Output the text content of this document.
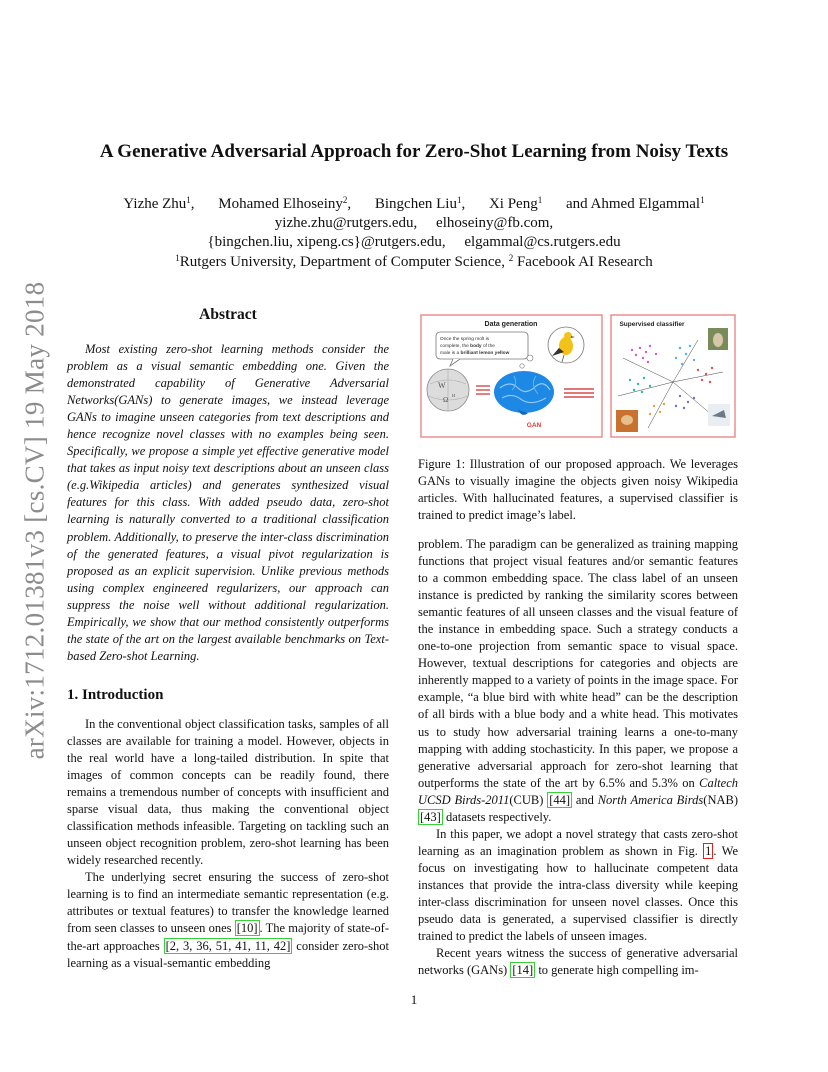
arXiv:1712.01381v3 [cs.CV] 19 May 2018
A Generative Adversarial Approach for Zero-Shot Learning from Noisy Texts
Yizhe Zhu$^1$, Mohamed Elhoseiny$^2$, Bingchen Liu$^1$, Xi Peng$^1$ and Ahmed Elgammal$^1$
yizhe.zhu@rutgers.edu,     elhoseiny@fb.com,
{bingchen.liu, xipeng.cs}@rutgers.edu,     elgammal@cs.rutgers.edu
$^1$Rutgers University, Department of Computer Science, $^2$ Facebook AI Research
Abstract

Most existing zero-shot learning methods consider the problem as a visual semantic embedding one. Given the demonstrated capability of Generative Adversarial Networks(GANs) to generate images, we instead leverage GANs to imagine unseen categories from text descriptions and hence recognize novel classes with no examples being seen. Specifically, we propose a simple yet effective generative model that takes as input noisy text descriptions about an unseen class (e.g.Wikipedia articles) and generates synthesized visual features for this class. With added pseudo data, zero-shot learning is naturally converted to a traditional classification problem. Additionally, to preserve the inter-class discrimination of the generated features, a visual pivot regularization is proposed as an explicit supervision. Unlike previous methods using complex engineered regularizers, our approach can suppress the noise well without additional regularization. Empirically, we show that our method consistently outperforms the state of the art on the largest available benchmarks on Text-based Zero-shot Learning.

1. Introduction

In the conventional object classification tasks, samples of all classes are available for training a model. However, objects in the real world have a long-tailed distribution. In spite that images of common concepts can be readily found, there remains a tremendous number of concepts with insufficient and sparse visual data, thus making the conventional object classification methods infeasible. Targeting on tackling such an unseen object recognition problem, zero-shot learning has been widely researched recently.

The underlying secret ensuring the success of zero-shot learning is to find an intermediate semantic representation (e.g. attributes or textual features) to transfer the knowledge learned from seen classes to unseen ones [10] . The majority of state-of-the-art approaches [2, 3, 36, 51, 41, 11, 42] consider zero-shot learning as a visual-semantic embedding

Data generation	Supervised classifier
Once the spring molt is
complete, the body of the
male is a brilliant lemon yellow
W
Ω и
GAN

Figure 1: Illustration of our proposed approach. We leverages GANs to visually imagine the objects given noisy Wikipedia articles. With hallucinated features, a supervised classifier is trained to predict image’s label.

problem. The paradigm can be generalized as training mapping functions that project visual features and/or semantic features to a common embedding space. The class label of an unseen instance is predicted by ranking the similarity scores between semantic features of all unseen classes and the visual feature of the instance in embedding space. Such a strategy conducts a one-to-one projection from semantic space to visual space. However, textual descriptions for categories and objects are inherently mapped to a variety of points in the image space. For example, “a blue bird with white head” can be the description of all birds with a blue body and a white head. This motivates us to study how adversarial training learns a one-to-many mapping with adding stochasticity. In this paper, we propose a generative adversarial approach for zero-shot learning that outperforms the state of the art by 6.5% and 5.3% on Caltech UCSD Birds-2011(CUB) [44] and North America Birds(NAB) [43] datasets respectively.

In this paper, we adopt a novel strategy that casts zero-shot learning as an imagination problem as shown in Fig. 1 . We focus on investigating how to hallucinate competent data instances that provide the intra-class diversity while keeping inter-class discrimination for unseen novel classes. Once this pseudo data is generated, a supervised classifier is directly trained to predict the labels of unseen images.

Recent years witness the success of generative adversarial networks (GANs) [14] to generate high compelling im-

1
